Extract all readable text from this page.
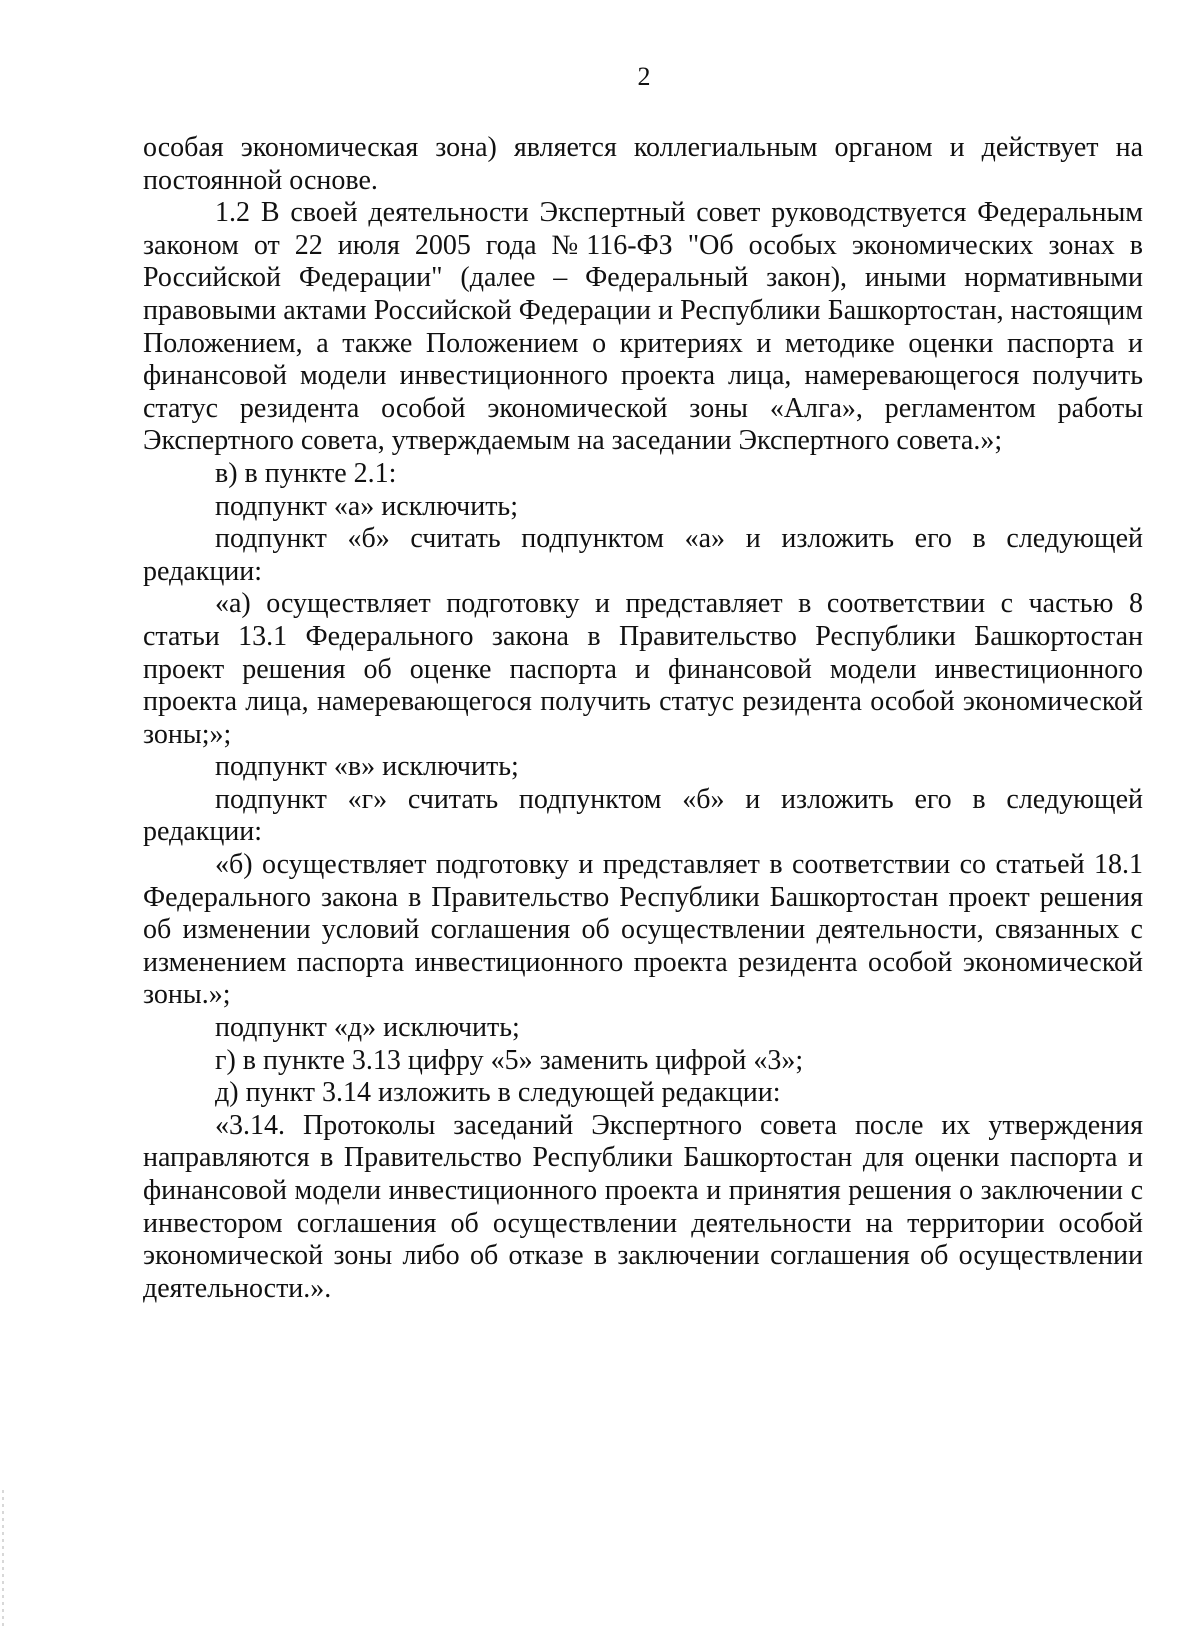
2

особая экономическая зона) является коллегиальным органом и действует на постоянной основе.

1.2 В своей деятельности Экспертный совет руководствуется Федеральным законом от 22 июля 2005 года №116-ФЗ "Об особых экономических зонах в Российской Федерации" (далее – Федеральный закон), иными нормативными правовыми актами Российской Федерации и Республики Башкортостан, настоящим Положением, а также Положением о критериях и методике оценки паспорта и финансовой модели инвестиционного проекта лица, намеревающегося получить статус резидента особой экономической зоны «Алга», регламентом работы Экспертного совета, утверждаемым на заседании Экспертного совета.»;

в) в пункте 2.1:

подпункт «а» исключить;

подпункт «б» считать подпунктом «а» и изложить его в следующей редакции:

«а) осуществляет подготовку и представляет в соответствии с частью 8 статьи 13.1 Федерального закона в Правительство Республики Башкортостан проект решения об оценке паспорта и финансовой модели инвестиционного проекта лица, намеревающегося получить статус резидента особой экономической зоны;»;

подпункт «в» исключить;

подпункт «г» считать подпунктом «б» и изложить его в следующей редакции:

«б) осуществляет подготовку и представляет в соответствии со статьей 18.1 Федерального закона в Правительство Республики Башкортостан проект решения об изменении условий соглашения об осуществлении деятельности, связанных с изменением паспорта инвестиционного проекта резидента особой экономической зоны.»;

подпункт «д» исключить;

г) в пункте 3.13 цифру «5» заменить цифрой «3»;

д) пункт 3.14 изложить в следующей редакции:

«3.14. Протоколы заседаний Экспертного совета после их утверждения направляются в Правительство Республики Башкортостан для оценки паспорта и финансовой модели инвестиционного проекта и принятия решения о заключении с инвестором соглашения об осуществлении деятельности на территории особой экономической зоны либо об отказе в заключении соглашения об осуществлении деятельности.».
